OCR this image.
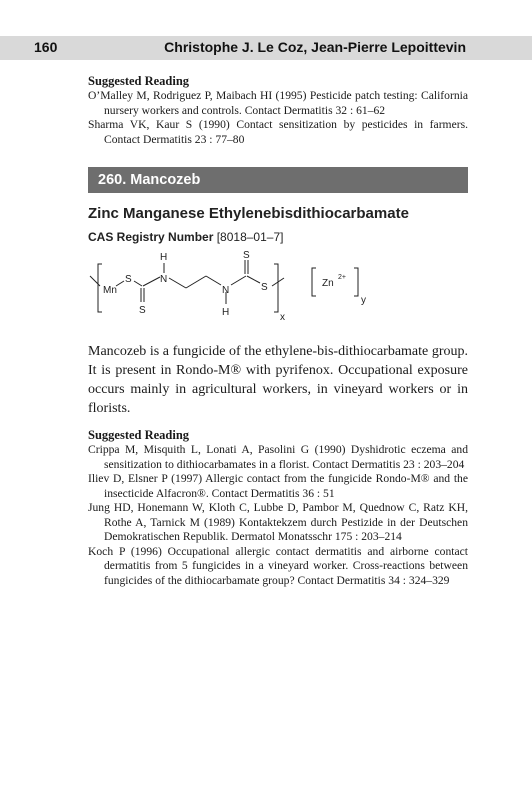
160	Christophe J. Le Coz, Jean-Pierre Lepoittevin
Suggested Reading
O’Malley M, Rodriguez P, Maibach HI (1995) Pesticide patch testing: California nursery workers and controls. Contact Dermatitis 32 : 61–62
Sharma VK, Kaur S (1990) Contact sensitization by pesticides in farmers. Contact Dermatitis 23 : 77–80
260. Mancozeb
Zinc Manganese Ethylenebisdithiocarbamate
CAS Registry Number [8018–01–7]
Mn
S
S
N
H
N
H
S
S
x
Zn
2+
y
Mancozeb is a fungicide of the ethylene-bis-dithiocarbamate group. It is present in Rondo-M® with pyrifenox. Occupational exposure occurs mainly in agricultural workers, in vineyard workers or in florists.
Suggested Reading
Crippa M, Misquith L, Lonati A, Pasolini G (1990) Dyshidrotic eczema and sensitization to dithiocarbamates in a florist. Contact Dermatitis 23 : 203–204
Iliev D, Elsner P (1997) Allergic contact from the fungicide Rondo-M® and the insecticide Alfacron®. Contact Dermatitis 36 : 51
Jung HD, Honemann W, Kloth C, Lubbe D, Pambor M, Quednow C, Ratz KH, Rothe A, Tarnick M (1989) Kontaktekzem durch Pestizide in der Deutschen Demokratischen Republik. Dermatol Monatsschr 175 : 203–214
Koch P (1996) Occupational allergic contact dermatitis and airborne contact dermatitis from 5 fungicides in a vineyard worker. Cross-reactions between fungicides of the dithiocarbamate group? Contact Dermatitis 34 : 324–329
